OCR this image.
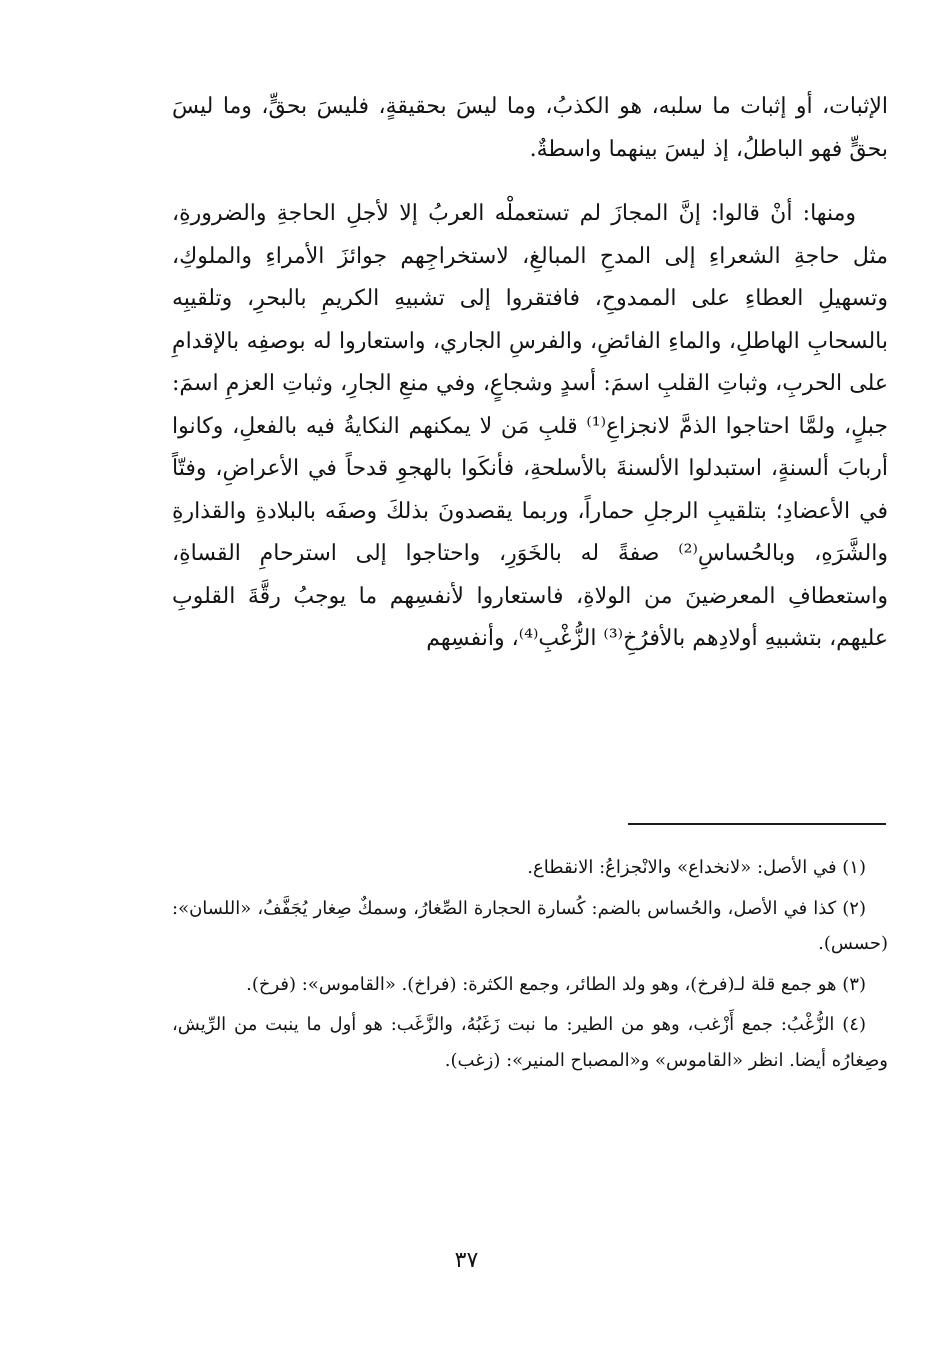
الإثبات، أو إثبات ما سلبه، هو الكذبُ، وما ليسَ بحقيقةٍ، فليسَ بحقٍّ، وما ليسَ بحقٍّ فهو الباطلُ، إذ ليسَ بينهما واسطةٌ.

ومنها: أنْ قالوا: إنَّ المجازَ لم تستعملْه العربُ إلا لأجلِ الحاجةِ والضرورةِ، مثل حاجةِ الشعراءِ إلى المدحِ المبالغِ، لاستخراجِهم جوائزَ الأمراءِ والملوكِ، وتسهيلِ العطاءِ على الممدوحِ، فافتقروا إلى تشبيهِ الكريمِ بالبحرِ، وتلقيبِه بالسحابِ الهاطلِ، والماءِ الفائضِ، والفرسِ الجاري، واستعاروا له بوصفِه بالإقدامِ على الحربِ، وثباتِ القلبِ اسمَ: أسدٍ وشجاعٍ، وفي منعِ الجارِ، وثباتِ العزمِ اسمَ: جبلٍ، ولمَّا احتاجوا الذمَّ لانجزاعِ⁽¹⁾ قلبِ مَن لا يمكنهم النكايةُ فيه بالفعلِ، وكانوا أربابَ ألسنةٍ، استبدلوا الألسنةَ بالأسلحةِ، فأنكَوا بالهجوِ قدحاً في الأعراضِ، وفتّاً في الأعضادِ؛ بتلقيبِ الرجلِ حماراً، وربما يقصدونَ بذلكَ وصفَه بالبلادةِ والقذارةِ والشَّرَهِ، وبالحُساسِ⁽²⁾ صفةً له بالخَوَرِ، واحتاجوا إلى استرحامِ القساةِ، واستعطافِ المعرضينَ من الولاةِ، فاستعاروا لأنفسِهم ما يوجبُ رقَّةَ القلوبِ عليهم، بتشبيهِ أولادِهم بالأفرُخِ⁽³⁾ الزُّغْبِ⁽⁴⁾، وأنفسِهم

(١) في الأصل: «لانخداع» والانْجزاعُ: الانقطاع.

(٢) كذا في الأصل، والحُساس بالضم: كُسارة الحجارة الصِّغارُ، وسمكٌ صِغار يُجَفَّفُ، «اللسان»: (حسس).

(٣) هو جمع قلة لـ(فرخ)، وهو ولد الطائر، وجمع الكثرة: (فراخ). «القاموس»: (فرخ).

(٤) الزُّغْبُ: جمع أَزْغب، وهو من الطير: ما نبت زَغَبُهُ، والزَّغَب: هو أول ما ينبت من الرِّيش، وصِغارُه أيضا. انظر «القاموس» و«المصباح المنير»: (زغب).

٣٧
